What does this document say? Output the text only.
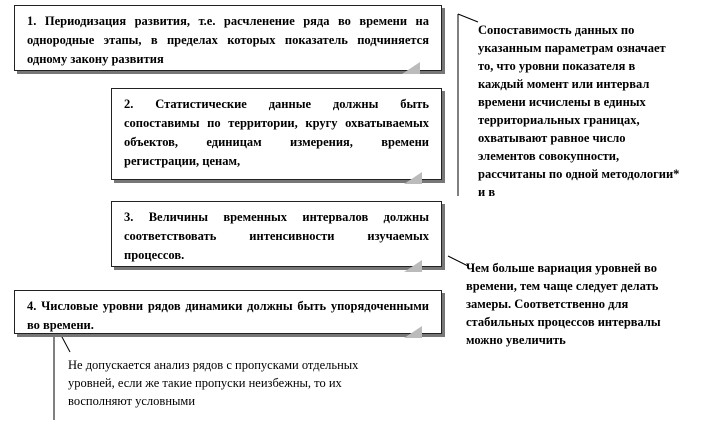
1. Периодизация развития, т.е. расчленение ряда во времени на однородные этапы, в пределах которых показатель подчиняется одному закону развития
2. Статистические данные должны быть сопоставимы по территории, кругу охватываемых объектов, единицам измерения, времени регистрации, ценам,
3. Величины временных интервалов должны соответствовать интенсивности изучаемых процессов.
4. Числовые уровни рядов динамики должны быть упорядоченными во времени.
Сопоставимость данных по указанным параметрам означает то, что уровни показателя в каждый момент или интервал времени исчислены в единых территориальных границах, охватывают равное число элементов совокупности, рассчитаны по одной методологии* и в
Чем больше вариация уровней во времени, тем чаще следует делать замеры. Соответственно для стабильных процессов интервалы можно увеличить
Не допускается анализ рядов с пропусками отдельных уровней, если же такие пропуски неизбежны, то их восполняют условными
